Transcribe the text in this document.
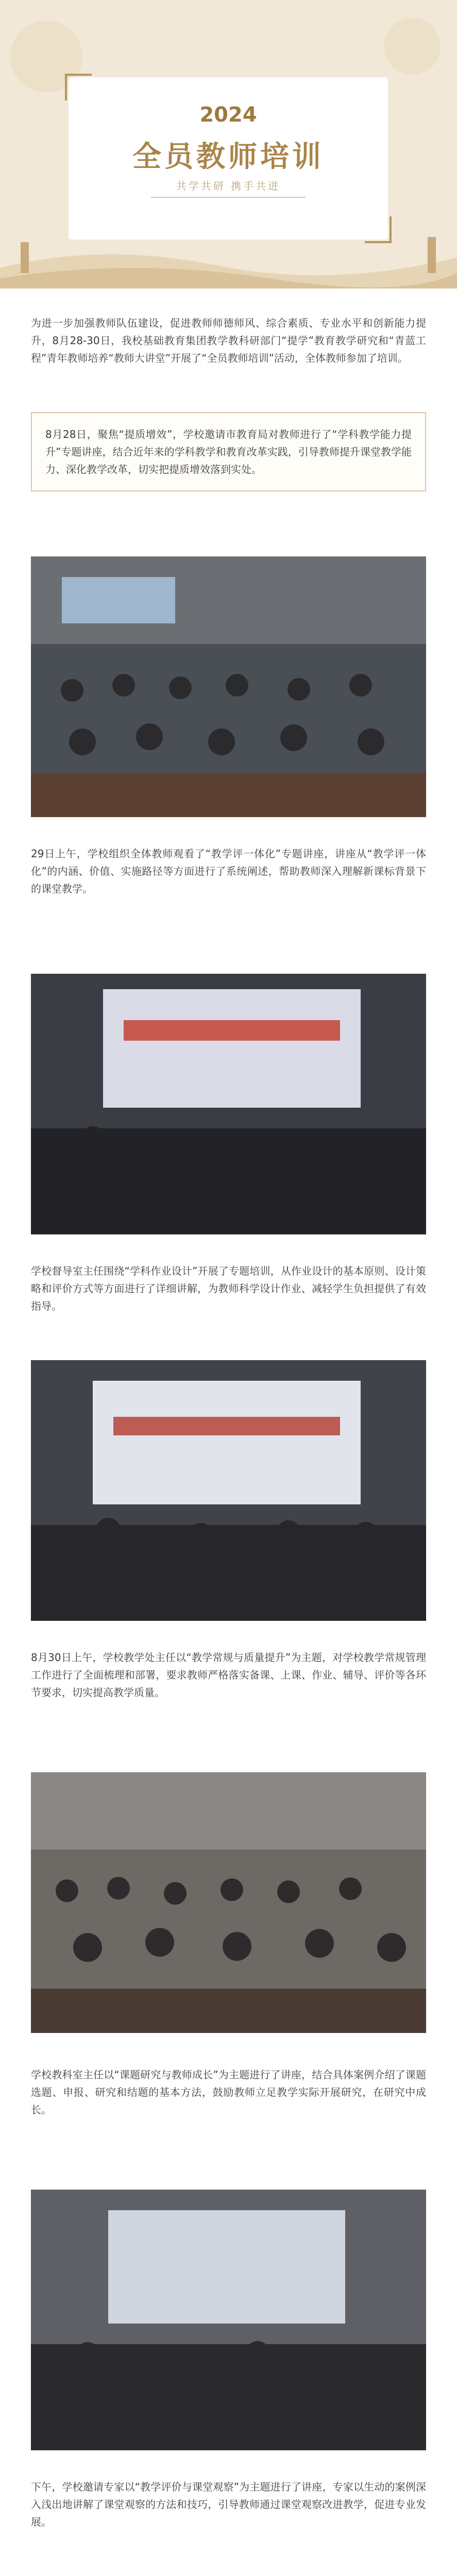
2024
全员教师培训
共学共研 携手共进
为进一步加强教师队伍建设，促进教师师德师风、综合素质、专业水平和创新能力提升，8月28-30日，我校基础教育集团教学教科研部门“提学”教育教学研究和“青蓝工程”青年教师培养“教师大讲堂”开展了“全员教师培训”活动，全体教师参加了培训。
8月28日，聚焦“提质增效”，学校邀请市教育局对教师进行了“学科教学能力提升”专题讲座，结合近年来的学科教学和教育改革实践，引导教师提升课堂教学能力、深化教学改革，切实把提质增效落到实处。
29日上午，学校组织全体教师观看了“教学评一体化”专题讲座，讲座从“教学评一体化”的内涵、价值、实施路径等方面进行了系统阐述，帮助教师深入理解新课标背景下的课堂教学。
学校督导室主任围绕“学科作业设计”开展了专题培训，从作业设计的基本原则、设计策略和评价方式等方面进行了详细讲解，为教师科学设计作业、减轻学生负担提供了有效指导。
8月30日上午，学校教学处主任以“教学常规与质量提升”为主题，对学校教学常规管理工作进行了全面梳理和部署，要求教师严格落实备课、上课、作业、辅导、评价等各环节要求，切实提高教学质量。
学校教科室主任以“课题研究与教师成长”为主题进行了讲座，结合具体案例介绍了课题选题、申报、研究和结题的基本方法，鼓励教师立足教学实际开展研究，在研究中成长。
下午，学校邀请专家以“教学评价与课堂观察”为主题进行了讲座，专家以生动的案例深入浅出地讲解了课堂观察的方法和技巧，引导教师通过课堂观察改进教学，促进专业发展。
